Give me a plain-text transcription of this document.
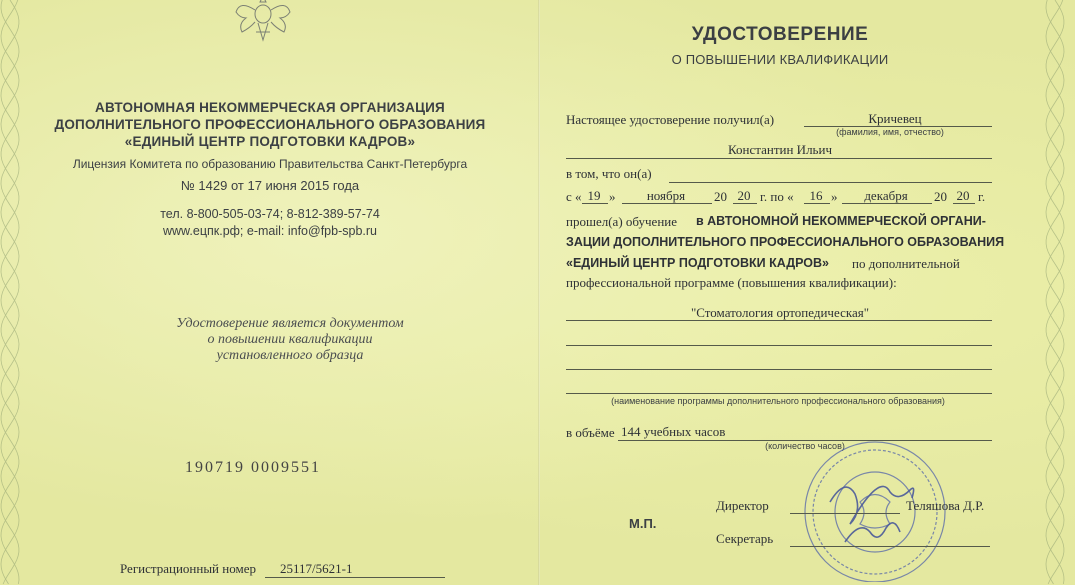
АВТОНОМНАЯ НЕКОММЕРЧЕСКАЯ ОРГАНИЗАЦИЯ
ДОПОЛНИТЕЛЬНОГО ПРОФЕССИОНАЛЬНОГО ОБРАЗОВАНИЯ
«ЕДИНЫЙ ЦЕНТР ПОДГОТОВКИ КАДРОВ»
Лицензия Комитета по образованию Правительства Санкт-Петербурга
№ 1429 от 17 июня 2015 года
тел. 8-800-505-03-74; 8-812-389-57-74
www.ецпк.рф; e-mail: info@fpb-spb.ru
Удостоверение является документом
о повышении квалификации
установленного образца
190719 0009551
Регистрационный номер 25117/5621-1
УДОСТОВЕРЕНИЕ
О ПОВЫШЕНИИ КВАЛИФИКАЦИИ
Настоящее удостоверение получил(а)	Кричевец
(фамилия, имя, отчество)
Константин Ильич
в том, что он(а)
с « 19 » ноября 20 20 г. по « 16 » декабря 20 20 г.
прошел(а) обучение в АВТОНОМНОЙ НЕКОММЕРЧЕСКОЙ ОРГАНИ-
ЗАЦИИ ДОПОЛНИТЕЛЬНОГО ПРОФЕССИОНАЛЬНОГО ОБРАЗОВАНИЯ
«ЕДИНЫЙ ЦЕНТР ПОДГОТОВКИ КАДРОВ» по дополнительной
профессиональной программе (повышения квалификации):
"Стоматология ортопедическая"
(наименование программы дополнительного профессионального образования)
в объёме 144 учебных часов
(количество часов)
Директор	Теляшова Д.Р.
М.П.
Секретарь
